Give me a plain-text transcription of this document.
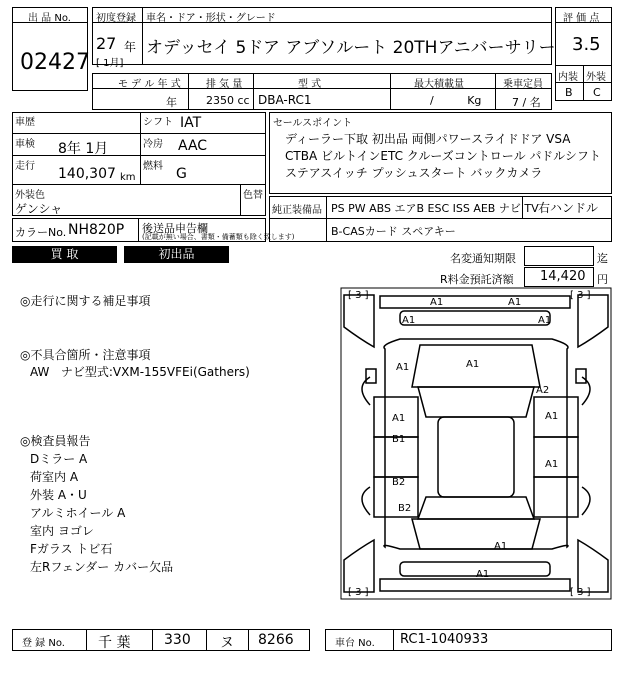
出 品 No.
02427
初度登録 車名・ドア・形状・グレード
27 年
[ 1月]
オデッセイ 5ドア アブソルート 20THアニバーサリー
評 価 点
3.5
内装 外装
B C
モ デ ル 年 式	排 気 量	型 式	最大積載量	乗車定員
年	2350 cc DBA-RC1	/ Kg	7 / 名
車歴	シフト IAT
車検 8年 1月	冷房 AAC
走行 140,307 km
燃料 G
外装色	色替
ゲンシャ
カラーNo. NH820P 後送品申告欄
(記載が無い場合、書類・備蓄類も除く致します)
セールスポイント
ディーラー下取 初出品 両側パワースライドドア VSA
CTBA ビルトインETC クルーズコントロール パドルシフト
ステアスイッチ プッシュスタート バックカメラ
純正装備品 PS PW ABS エアB ESC ISS AEB ナビ TV 右ハンドル
B-CASカード スペアキー
買 取	初出品	名変通知期限	迄
R料金預託済額 14,420 円
◎走行に関する補足事項
◎不具合箇所・注意事項
AW   ナビ型式:VXM-155VFEi(Gathers)
◎検査員報告
Dミラー A
荷室内 A
外装 A・U
アルミホイール A
室内 ヨゴレ
Fガラス トビ石
左Rフェンダー カバー欠品
[ 3 ]	[ 3 ]
[ 3 ]	[ 3 ]
A1	A1
A1	A1
A1	A1
A2
A1	A1
B1
A1
B2
B2
A1
A1
登 録 No. 千 葉 330 ヌ 8266	車台 No. RC1-1040933
